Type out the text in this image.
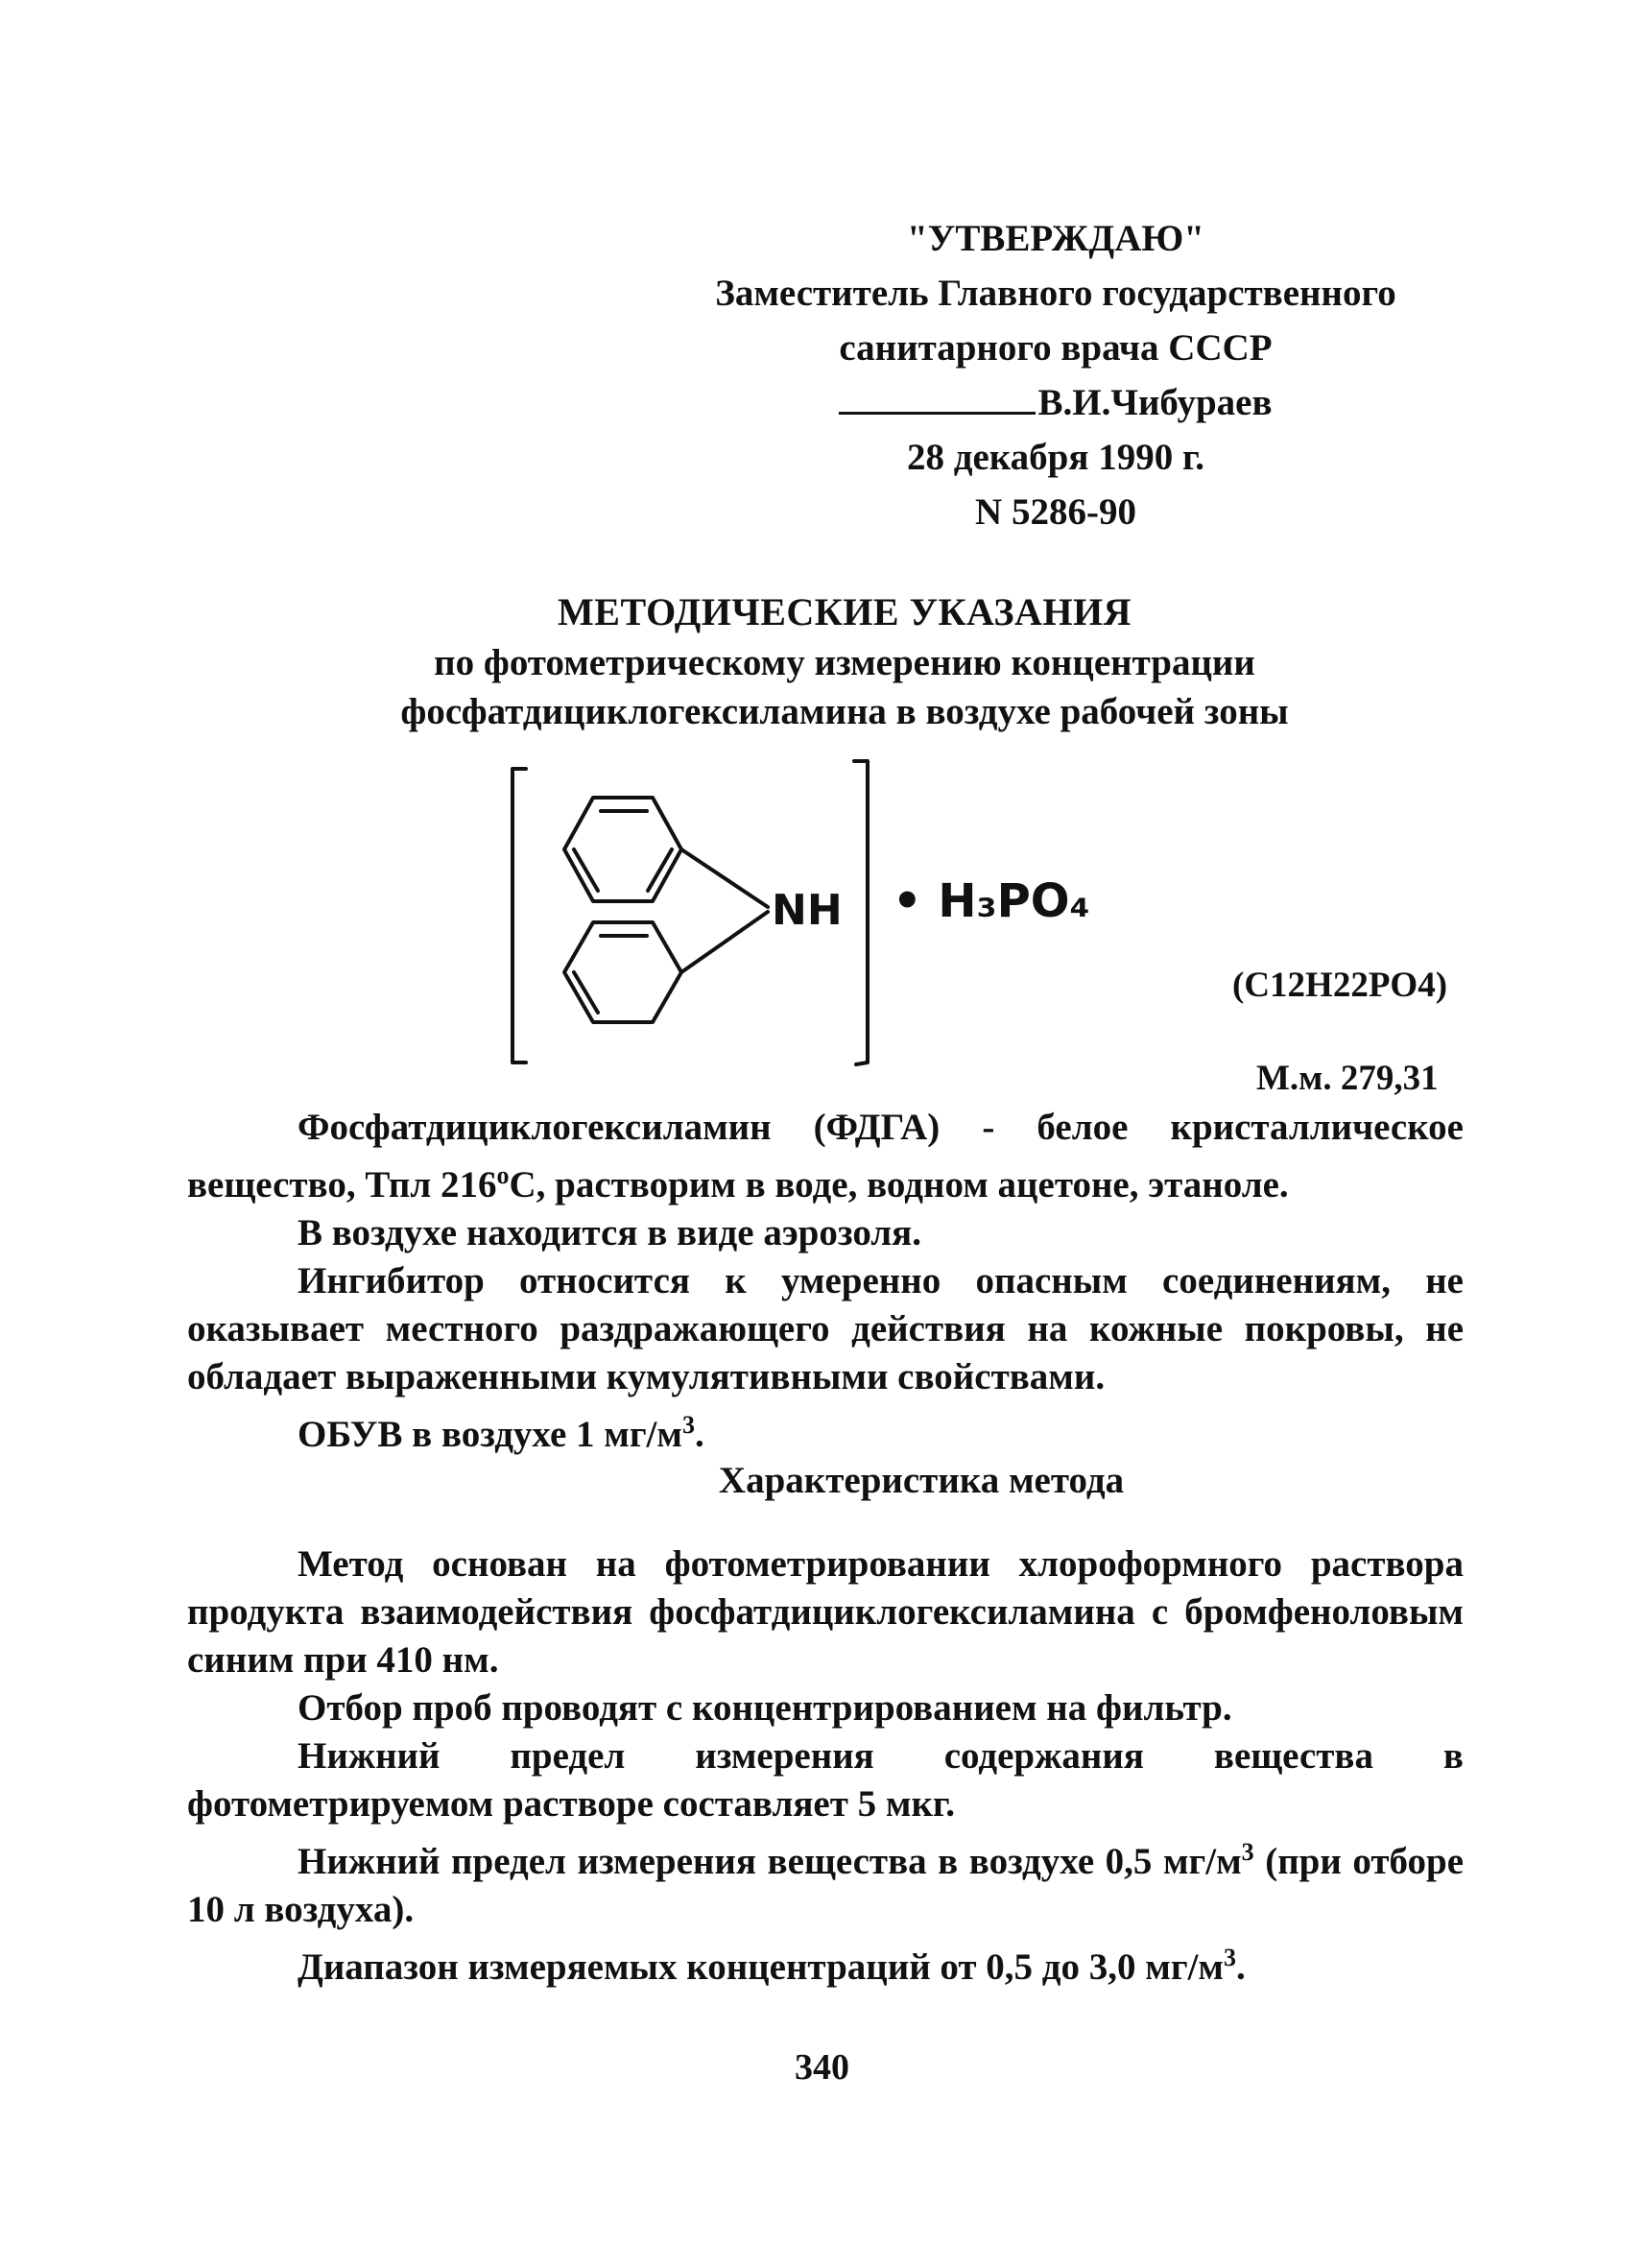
"УТВЕРЖДАЮ"
Заместитель Главного государственного
санитарного врача СССР
В.И.Чибураев
28 декабря 1990 г.
N 5286-90
МЕТОДИЧЕСКИЕ УКАЗАНИЯ
по фотометрическому измерению концентрации
фосфатдициклогексиламина в воздухе рабочей зоны
NH • H₃PO₄
(C12H22PO4)
М.м. 279,31

Фосфатдициклогексиламин (ФДГА) - белое кристаллическое вещество, Тпл 216$^o$С, растворим в воде, водном ацетоне, этаноле.

В воздухе находится в виде аэрозоля.

Ингибитор относится к умеренно опасным соединениям, не оказывает местного раздражающего действия на кожные покровы, не обладает выраженными кумулятивными свойствами.

ОБУВ в воздухе 1 $мг/м^3$.

Характеристика метода

Метод основан на фотометрировании хлороформного раствора продукта взаимодействия фосфатдициклогексиламина с бромфеноловым синим при 410 нм.

Отбор проб проводят с концентрированием на фильтр.

Нижний предел измерения содержания вещества в фотометрируемом растворе составляет 5 мкг.

Нижний предел измерения вещества в воздухе 0,5 $мг/м^3$ (при отборе 10 л воздуха).

Диапазон измеряемых концентраций от 0,5 до 3,0 $мг/м^3$.

340
